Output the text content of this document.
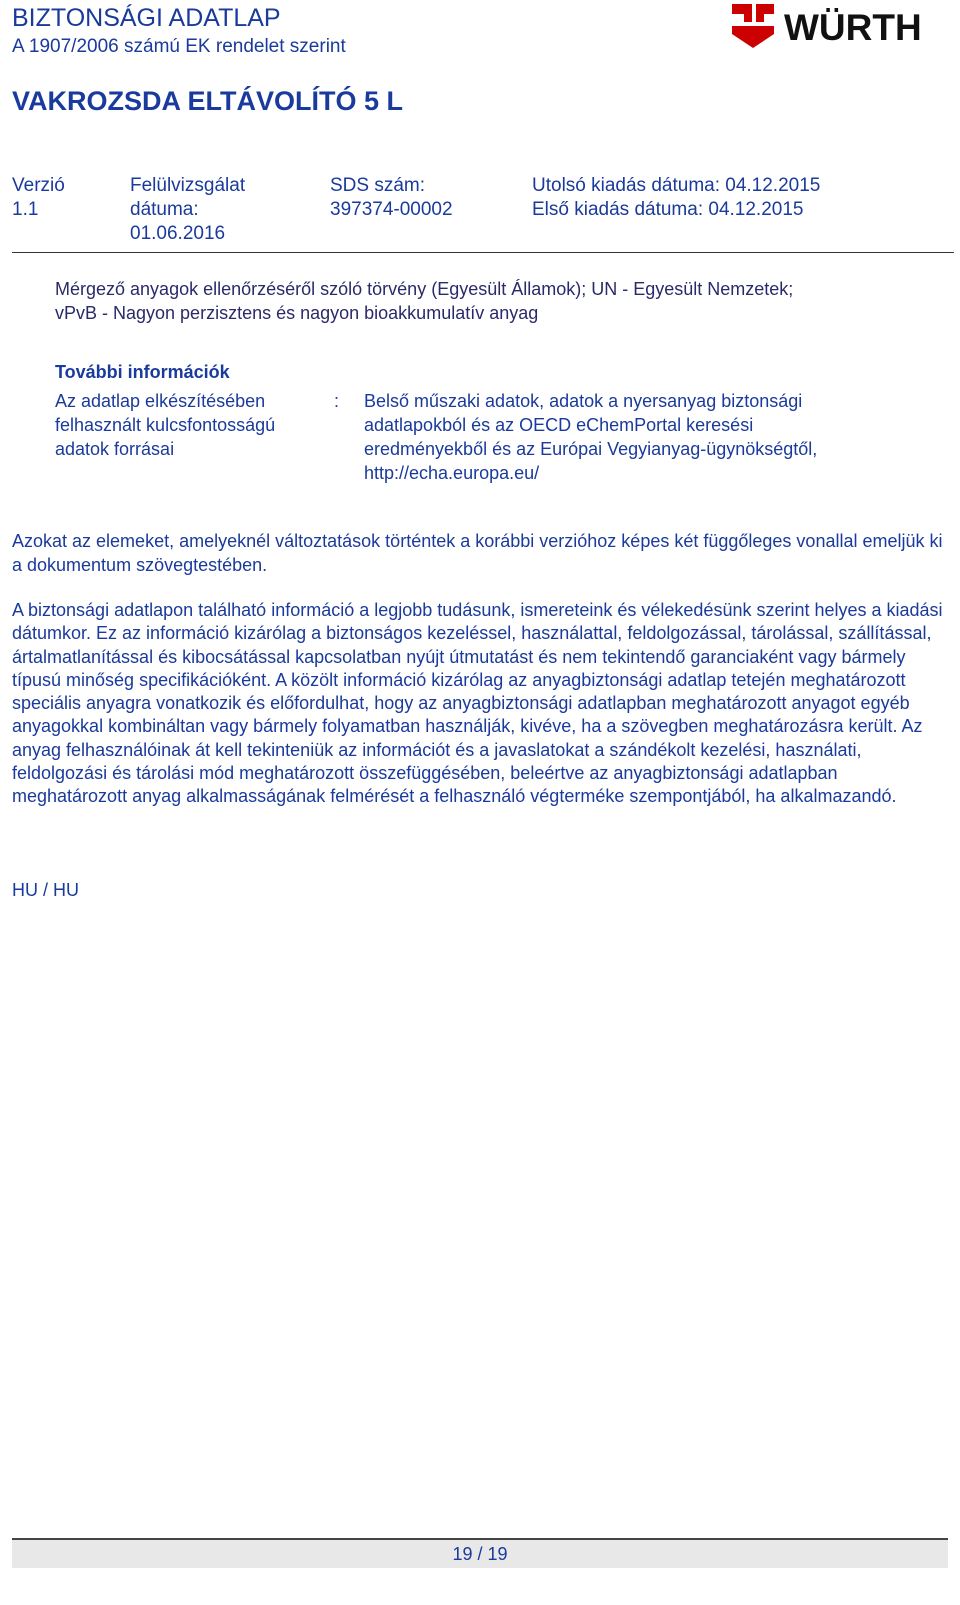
BIZTONSÁGI ADATLAP
A 1907/2006 számú EK rendelet szerint	WÜRTH
VAKROZSDA ELTÁVOLÍTÓ 5 L
Verzió
1.1
Felülvizsgálat
dátuma:
01.06.2016
SDS szám:
397374-00002
Utolsó kiadás dátuma: 04.12.2015
Első kiadás dátuma: 04.12.2015
Mérgező anyagok ellenőrzéséről szóló törvény (Egyesült Államok); UN - Egyesült Nemzetek;
vPvB - Nagyon perzisztens és nagyon bioakkumulatív anyag
További információk
Az adatlap elkészítésében
felhasznált kulcsfontosságú
adatok forrásai
: Belső műszaki adatok, adatok a nyersanyag biztonsági
adatlapokból és az OECD eChemPortal keresési
eredményekből és az Európai Vegyianyag-ügynökségtől,
http://echa.europa.eu/
Azokat az elemeket, amelyeknél változtatások történtek a korábbi verzióhoz képes két függőleges vonallal emeljük ki a dokumentum szövegtestében.
A biztonsági adatlapon található információ a legjobb tudásunk, ismereteink és vélekedésünk szerint helyes a kiadási dátumkor. Ez az információ kizárólag a biztonságos kezeléssel, használattal, feldolgozással, tárolással, szállítással, ártalmatlanítással és kibocsátással kapcsolatban nyújt útmutatást és nem tekintendő garanciaként vagy bármely típusú minőség specifikációként. A közölt információ kizárólag az anyagbiztonsági adatlap tetején meghatározott speciális anyagra vonatkozik és előfordulhat, hogy az anyagbiztonsági adatlapban meghatározott anyagot egyéb anyagokkal kombináltan vagy bármely folyamatban használják, kivéve, ha a szövegben meghatározásra került. Az anyag felhasználóinak át kell tekinteniük az információt és a javaslatokat a szándékolt kezelési, használati, feldolgozási és tárolási mód meghatározott összefüggésében, beleértve az anyagbiztonsági adatlapban meghatározott anyag alkalmasságának felmérését a felhasználó végterméke szempontjából, ha alkalmazandó.
HU / HU
19 / 19
